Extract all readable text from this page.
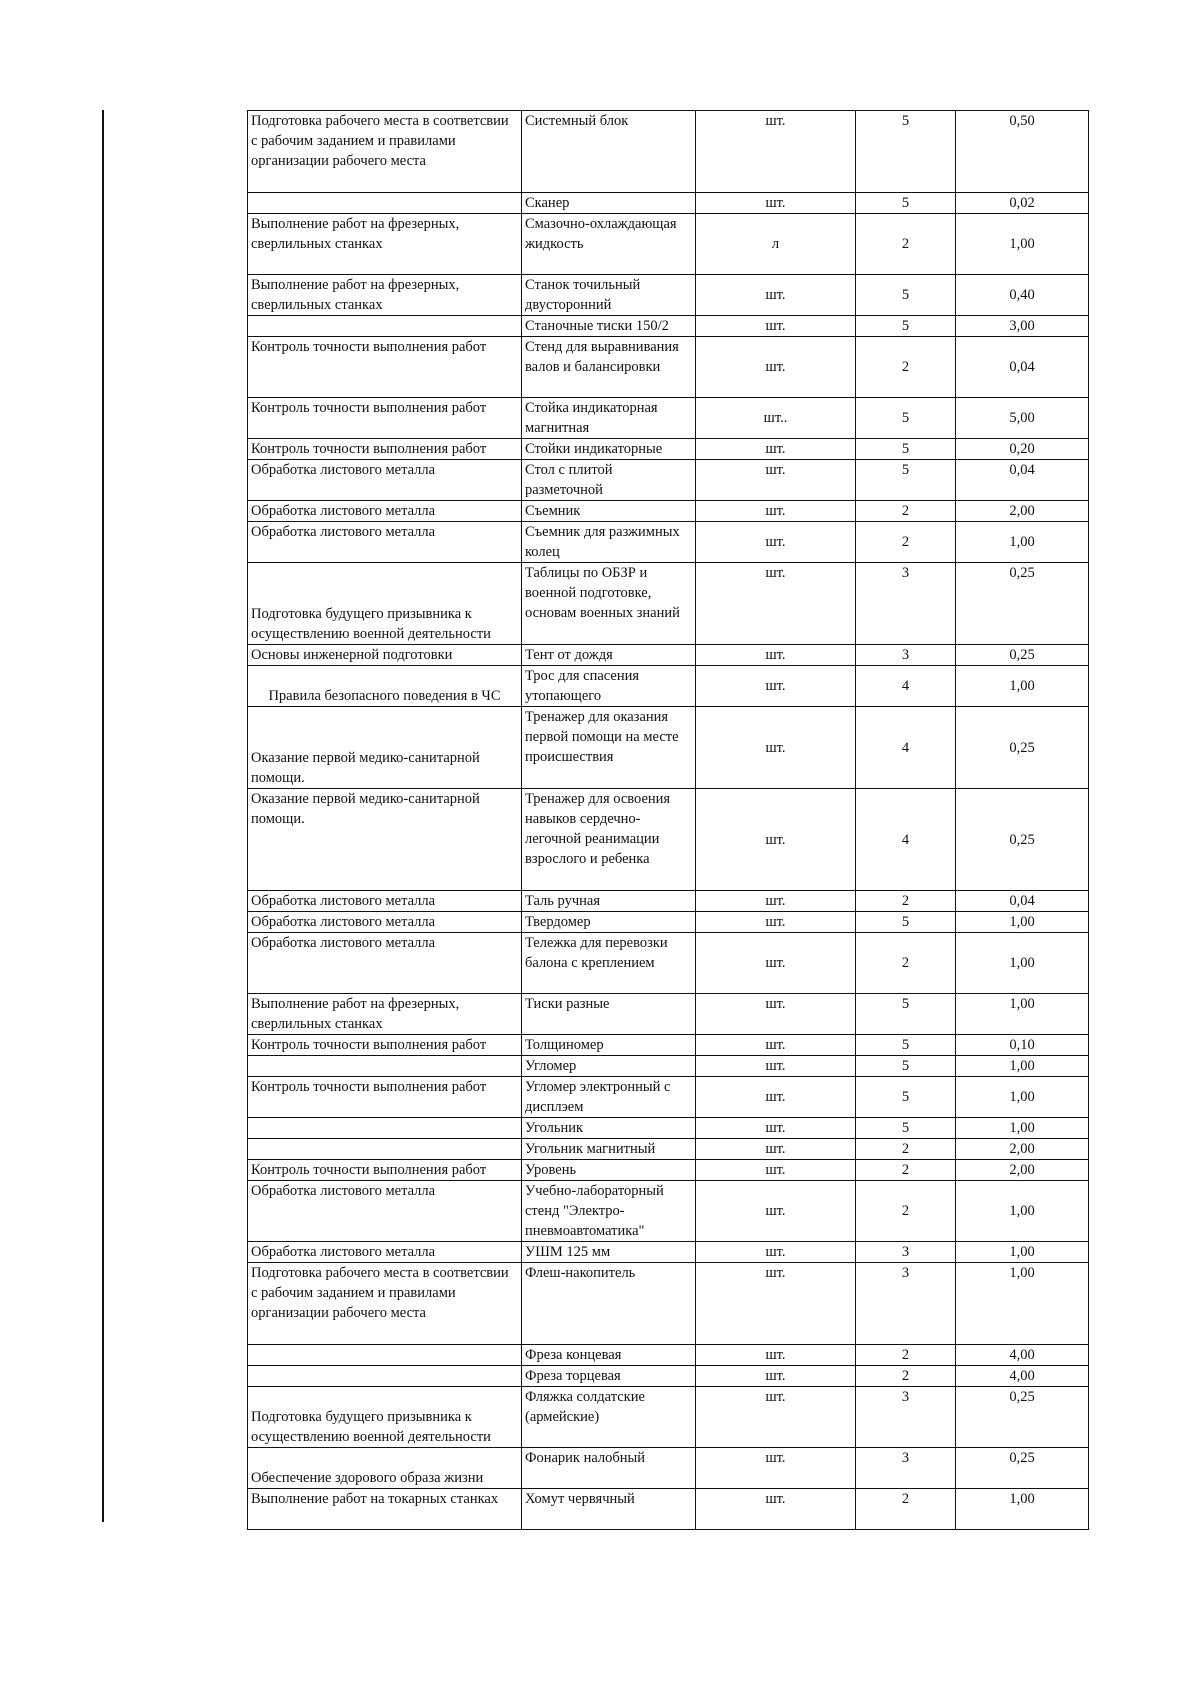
Подготовка рабочего места в соответсвии с рабочим заданием и правилами организации рабочего места	Системный блок	шт.	5	0,50
	Сканер	шт.	5	0,02
Выполнение работ на фрезерных, сверлильных станках	Смазочно-охлаждающая жидкость	л	2	1,00
Выполнение работ на фрезерных, сверлильных станках	Станок точильный двусторонний	шт.	5	0,40
	Станочные тиски 150/2	шт.	5	3,00
Контроль точности выполнения работ	Стенд для выравнивания валов и балансировки	шт.	2	0,04
Контроль точности выполнения работ	Стойка индикаторная магнитная	шт..	5	5,00
Контроль точности выполнения работ	Стойки индикаторные	шт.	5	0,20
Обработка листового металла	Стол с плитой разметочной	шт.	5	0,04
Обработка листового металла	Съемник	шт.	2	2,00
Обработка листового металла	Съемник для разжимных колец	шт.	2	1,00
Подготовка будущего призывника к осуществлению военной деятельности	Таблицы по ОБЗР и военной подготовке, основам военных знаний	шт.	3	0,25
Основы инженерной подготовки	Тент от дождя	шт.	3	0,25
Правила безопасного поведения в ЧС	Трос для спасения утопающего	шт.	4	1,00
Оказание первой медико-санитарной помощи.	Тренажер для оказания первой помощи на месте происшествия	шт.	4	0,25
Оказание первой медико-санитарной помощи.	Тренажер для освоения навыков сердечно-легочной реанимации взрослого и ребенка	шт.	4	0,25
Обработка листового металла	Таль ручная	шт.	2	0,04
Обработка листового металла	Твердомер	шт.	5	1,00
Обработка листового металла	Тележка для перевозки балона с креплением	шт.	2	1,00
Выполнение работ на фрезерных, сверлильных станках	Тиски разные	шт.	5	1,00
Контроль точности выполнения работ	Толщиномер	шт.	5	0,10
	Угломер	шт.	5	1,00
Контроль точности выполнения работ	Угломер электронный с дисплэем	шт.	5	1,00
	Угольник	шт.	5	1,00
	Угольник магнитный	шт.	2	2,00
Контроль точности выполнения работ	Уровень	шт.	2	2,00
Обработка листового металла	Учебно-лабораторный стенд "Электро-пневмоавтоматика"	шт.	2	1,00
Обработка листового металла	УШМ 125 мм	шт.	3	1,00
Подготовка рабочего места в соответсвии с рабочим заданием и правилами организации рабочего места	Флеш-накопитель	шт.	3	1,00
	Фреза концевая	шт.	2	4,00
	Фреза торцевая	шт.	2	4,00
Подготовка будущего призывника к осуществлению военной деятельности	Фляжка солдатские (армейские)	шт.	3	0,25
Обеспечение здорового образа жизни	Фонарик налобный	шт.	3	0,25
Выполнение работ на токарных станках	Хомут червячный	шт.	2	1,00
